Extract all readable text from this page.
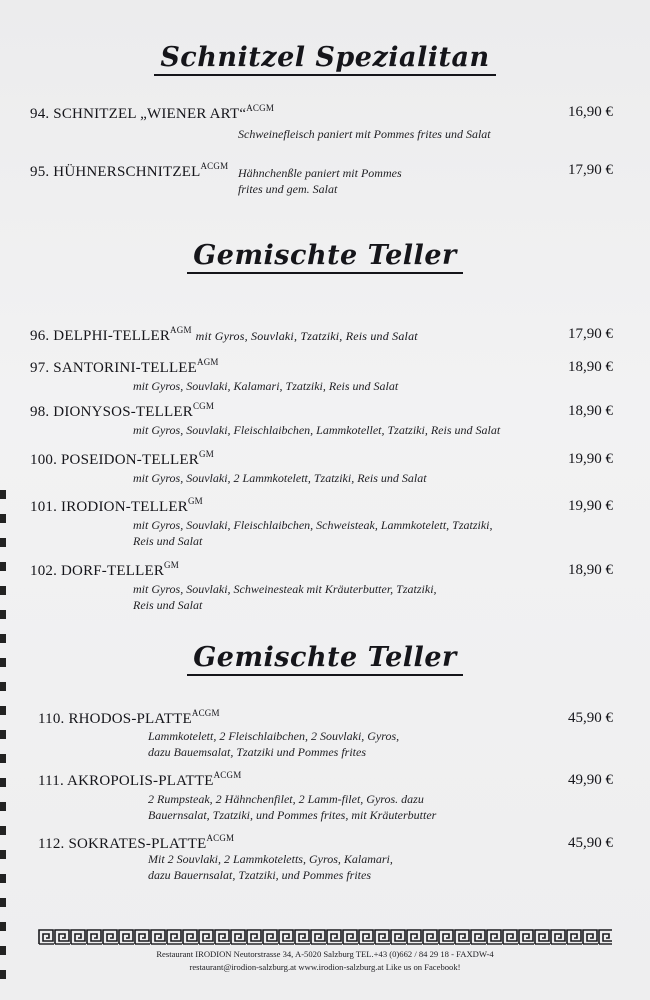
Schnitzel Spezialitan
94. SCHNITZEL „WIENER ART“$^{ACGM}$
Schweinefleisch paniert mit Pommes frites und Salat
16,90 €
95. $HÜHNERSCHNITZEL^{ACGM}$ Hähnchenßle paniert mit Pommes
frites und gem. Salat
17,90 €
Gemischte Teller
96. DELPHI-$TELLER^{AGM}$ mit Gyros, Souvlaki, Tzatziki, Reis und Salat	17,90 €
97. SANTORINI-$TELLEE^{AGM}$
mit Gyros, Souvlaki, Kalamari, Tzatziki, Reis und Salat
18,90 €
98. DIONYSOS-$TELLER^{CGM}$
mit Gyros, Souvlaki, Fleischlaibchen, Lammkotellet, Tzatziki, Reis und Salat
18,90 €
100. POSEIDON-$TELLER^{GM}$
mit Gyros, Souvlaki, 2 Lammkotelett, Tzatziki, Reis und Salat
19,90 €
101. IRODION-$TELLER^{GM}$
mit Gyros, Souvlaki, Fleischlaibchen, Schweisteak, Lammkotelett, Tzatziki,
Reis und Salat
19,90 €
102. DORF-$TELLER^{GM}$
mit Gyros, Souvlaki, Schweinesteak mit Kräuterbutter, Tzatziki,
Reis und Salat
18,90 €
Gemischte Teller
110. RHODOS-$PLATTE^{ACGM}$
Lammkotelett, 2 Fleischlaibchen, 2 Souvlaki, Gyros,
dazu Bauemsalat, Tzatziki und Pommes frites
45,90 €
111. AKROPOLIS-$PLATTE^{ACGM}$
2 Rumpsteak, 2 Hähnchenfilet, 2 Lamm-filet, Gyros. dazu
Bauernsalat, Tzatziki, und Pommes frites, mit Kräuterbutter
49,90 €
112. SOKRATES-$PLATTE^{ACGM}$
Mit 2 Souvlaki, 2 Lammkoteletts, Gyros, Kalamari,
dazu Bauernsalat, Tzatziki, und Pommes frites
45,90 €
Restaurant IRODION Neutorstrasse 34, A-5020 Salzburg TEL.+43 (0)662 / 84 29 18 - FAXDW-4
restaurant@irodion-salzburg.at www.irodion-salzburg.at Like us on Facebook!
